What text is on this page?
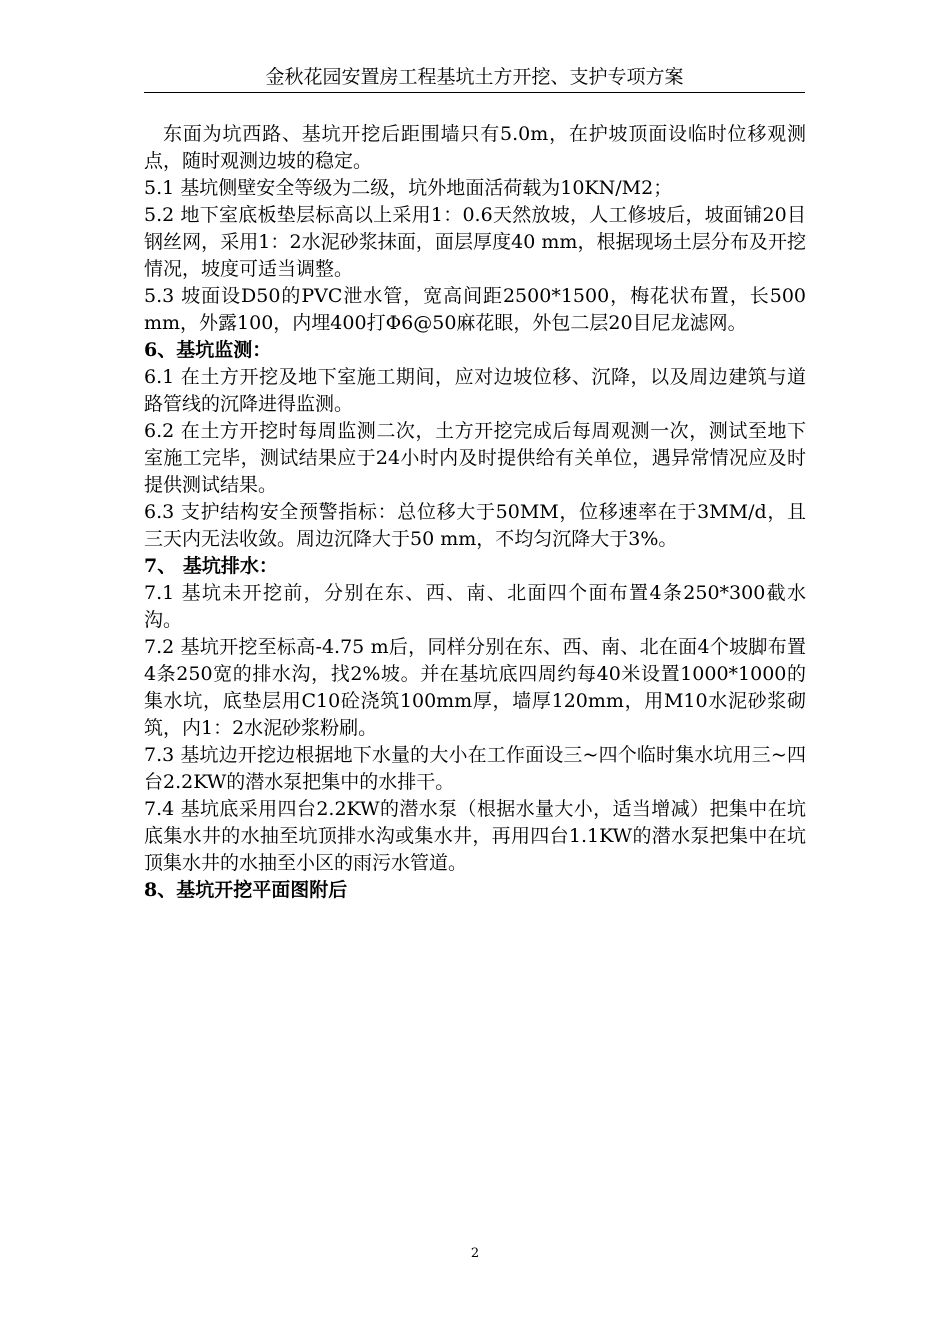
金秋花园安置房工程基坑土方开挖、支护专项方案

东面为坑西路、基坑开挖后距围墙只有5.0m，在护坡顶面设临时位移观测点，随时观测边坡的稳定。

5.1 基坑侧壁安全等级为二级，坑外地面活荷载为10KN/M2；

5.2 地下室底板垫层标高以上采用1：0.6天然放坡，人工修坡后，坡面铺20目钢丝网，采用1：2水泥砂浆抹面，面层厚度40 mm，根据现场土层分布及开挖情况，坡度可适当调整。

5.3 坡面设D50的PVC泄水管，宽高间距2500*1500，梅花状布置，长500 mm，外露100，内埋400打Φ6@50麻花眼，外包二层20目尼龙滤网。

6、基坑监测：

6.1 在土方开挖及地下室施工期间，应对边坡位移、沉降，以及周边建筑与道路管线的沉降进得监测。

6.2 在土方开挖时每周监测二次，土方开挖完成后每周观测一次，测试至地下室施工完毕，测试结果应于24小时内及时提供给有关单位，遇异常情况应及时提供测试结果。

6.3 支护结构安全预警指标：总位移大于50MM，位移速率在于3MM/d，且三天内无法收敛。周边沉降大于50 mm，不均匀沉降大于3%。

7、 基坑排水：

7.1 基坑未开挖前，分别在东、西、南、北面四个面布置4条250*300截水沟。

7.2 基坑开挖至标高-4.75 m后，同样分别在东、西、南、北在面4个坡脚布置4条250宽的排水沟，找2%坡。并在基坑底四周约每40米设置1000*1000的集水坑，底垫层用C10砼浇筑100mm厚，墙厚120mm，用M10水泥砂浆砌筑，内1：2水泥砂浆粉刷。

7.3 基坑边开挖边根据地下水量的大小在工作面设三~四个临时集水坑用三~四台2.2KW的潜水泵把集中的水排干。

7.4 基坑底采用四台2.2KW的潜水泵（根据水量大小，适当增减）把集中在坑底集水井的水抽至坑顶排水沟或集水井，再用四台1.1KW的潜水泵把集中在坑顶集水井的水抽至小区的雨污水管道。

8、基坑开挖平面图附后

2
